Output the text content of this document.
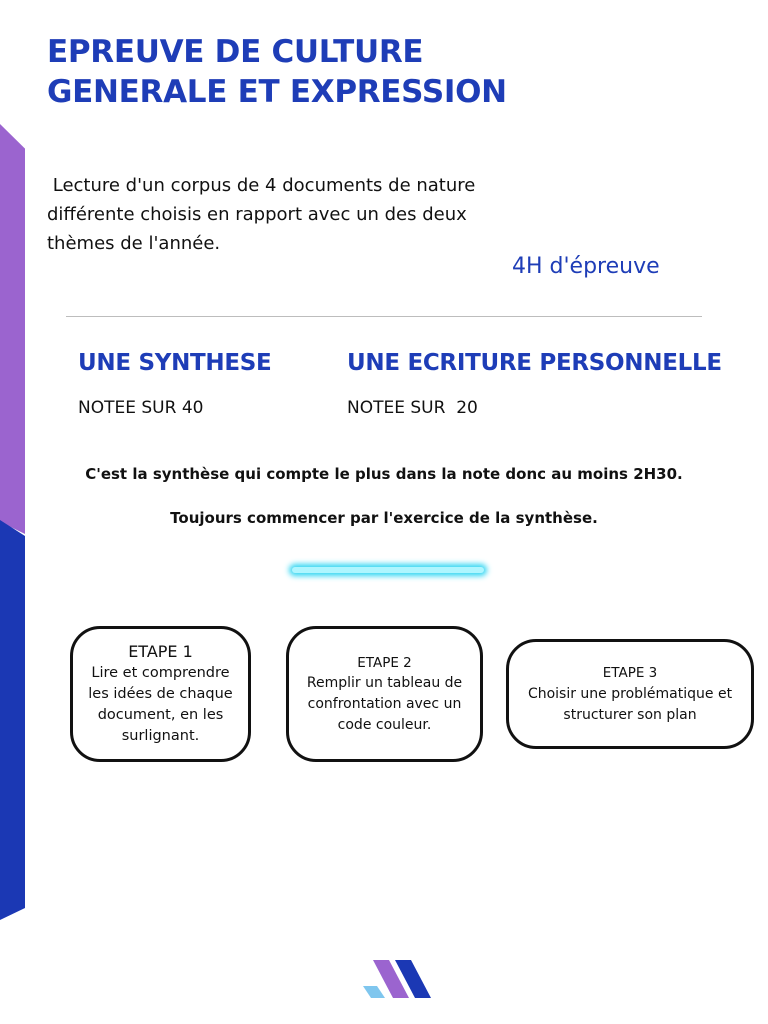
EPREUVE DE CULTURE
GENERALE ET EXPRESSION

Lecture d'un corpus de 4 documents de nature
différente choisis en rapport avec un des deux
thèmes de l'année.

4H d'épreuve

UNE SYNTHESE

NOTEE SUR 40

UNE ECRITURE PERSONNELLE

NOTEE SUR  20

C'est la synthèse qui compte le plus dans la note donc au moins 2H30.

Toujours commencer par l'exercice de la synthèse.

ETAPE 1
Lire et comprendre
les idées de chaque
document, en les
surlignant.
ETAPE 2
Remplir un tableau de
confrontation avec un
code couleur.
ETAPE 3
Choisir une problématique et
structurer son plan
